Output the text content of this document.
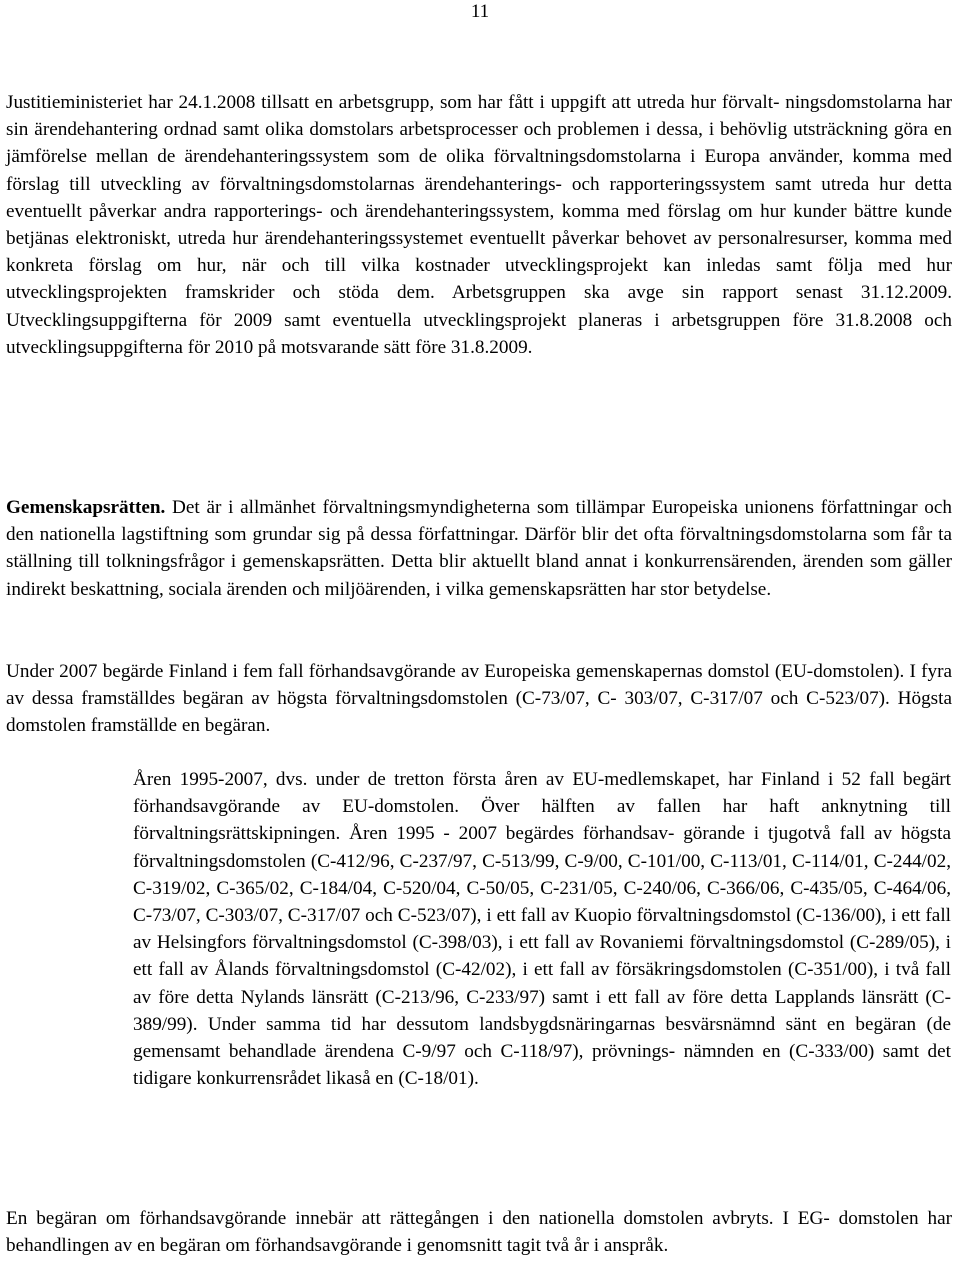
11

Justitieministeriet har 24.1.2008 tillsatt en arbetsgrupp, som har fått i uppgift att utreda hur förvalt- ningsdomstolarna har sin ärendehantering ordnad samt olika domstolars arbetsprocesser och problemen i dessa, i behövlig utsträckning göra en jämförelse mellan de ärendehanteringssystem som de olika förvaltningsdomstolarna i Europa använder, komma med förslag till utveckling av förvaltningsdomstolarnas ärendehanterings- och rapporteringssystem samt utreda hur detta eventuellt påverkar andra rapporterings- och ärendehanteringssystem, komma med förslag om hur kunder bättre kunde betjänas elektroniskt, utreda hur ärendehanteringssystemet eventuellt påverkar behovet av personalresurser, komma med konkreta förslag om hur, när och till vilka kostnader utvecklingsprojekt kan inledas samt följa med hur utvecklingsprojekten framskrider och stöda dem. Arbetsgruppen ska avge sin rapport senast 31.12.2009. Utvecklingsuppgifterna för 2009 samt eventuella utvecklingsprojekt planeras i arbetsgruppen före 31.8.2008 och utvecklingsuppgifterna för 2010 på motsvarande sätt före 31.8.2009.

Gemenskapsrätten. Det är i allmänhet förvaltningsmyndigheterna som tillämpar Europeiska unionens författningar och den nationella lagstiftning som grundar sig på dessa författningar. Därför blir det ofta förvaltningsdomstolarna som får ta ställning till tolkningsfrågor i gemenskapsrätten. Detta blir aktuellt bland annat i konkurrensärenden, ärenden som gäller indirekt beskattning, sociala ärenden och miljöärenden, i vilka gemenskapsrätten har stor betydelse.

Under 2007 begärde Finland i fem fall förhandsavgörande av Europeiska gemenskapernas domstol (EU-domstolen). I fyra av dessa framställdes begäran av högsta förvaltningsdomstolen (C-73/07, C- 303/07, C-317/07 och C-523/07). Högsta domstolen framställde en begäran.

Åren 1995-2007, dvs. under de tretton första åren av EU-medlemskapet, har Finland i 52 fall begärt förhandsavgörande av EU-domstolen. Över hälften av fallen har haft anknytning till förvaltningsrättskipningen. Åren 1995 - 2007 begärdes förhandsav- görande i tjugotvå fall av högsta förvaltningsdomstolen (C-412/96, C-237/97, C-513/99, C-9/00, C-101/00, C-113/01, C-114/01, C-244/02, C-319/02, C-365/02, C-184/04, C-520/04, C-50/05, C-231/05, C-240/06, C-366/06, C-435/05, C-464/06, C-73/07, C-303/07, C-317/07 och C-523/07), i ett fall av Kuopio förvaltningsdomstol (C-136/00), i ett fall av Helsingfors förvaltningsdomstol (C-398/03), i ett fall av Rovaniemi förvaltningsdomstol (C-289/05), i ett fall av Ålands förvaltningsdomstol (C-42/02), i ett fall av försäkringsdomstolen (C-351/00), i två fall av före detta Nylands länsrätt (C-213/96, C-233/97) samt i ett fall av före detta Lapplands länsrätt (C-389/99). Under samma tid har dessutom landsbygdsnäringarnas besvärsnämnd sänt en begäran (de gemensamt behandlade ärendena C-9/97 och C-118/97), prövnings- nämnden en (C-333/00) samt det tidigare konkurrensrådet likaså en (C-18/01).

En begäran om förhandsavgörande innebär att rättegången i den nationella domstolen avbryts. I EG- domstolen har behandlingen av en begäran om förhandsavgörande i genomsnitt tagit två år i anspråk.
